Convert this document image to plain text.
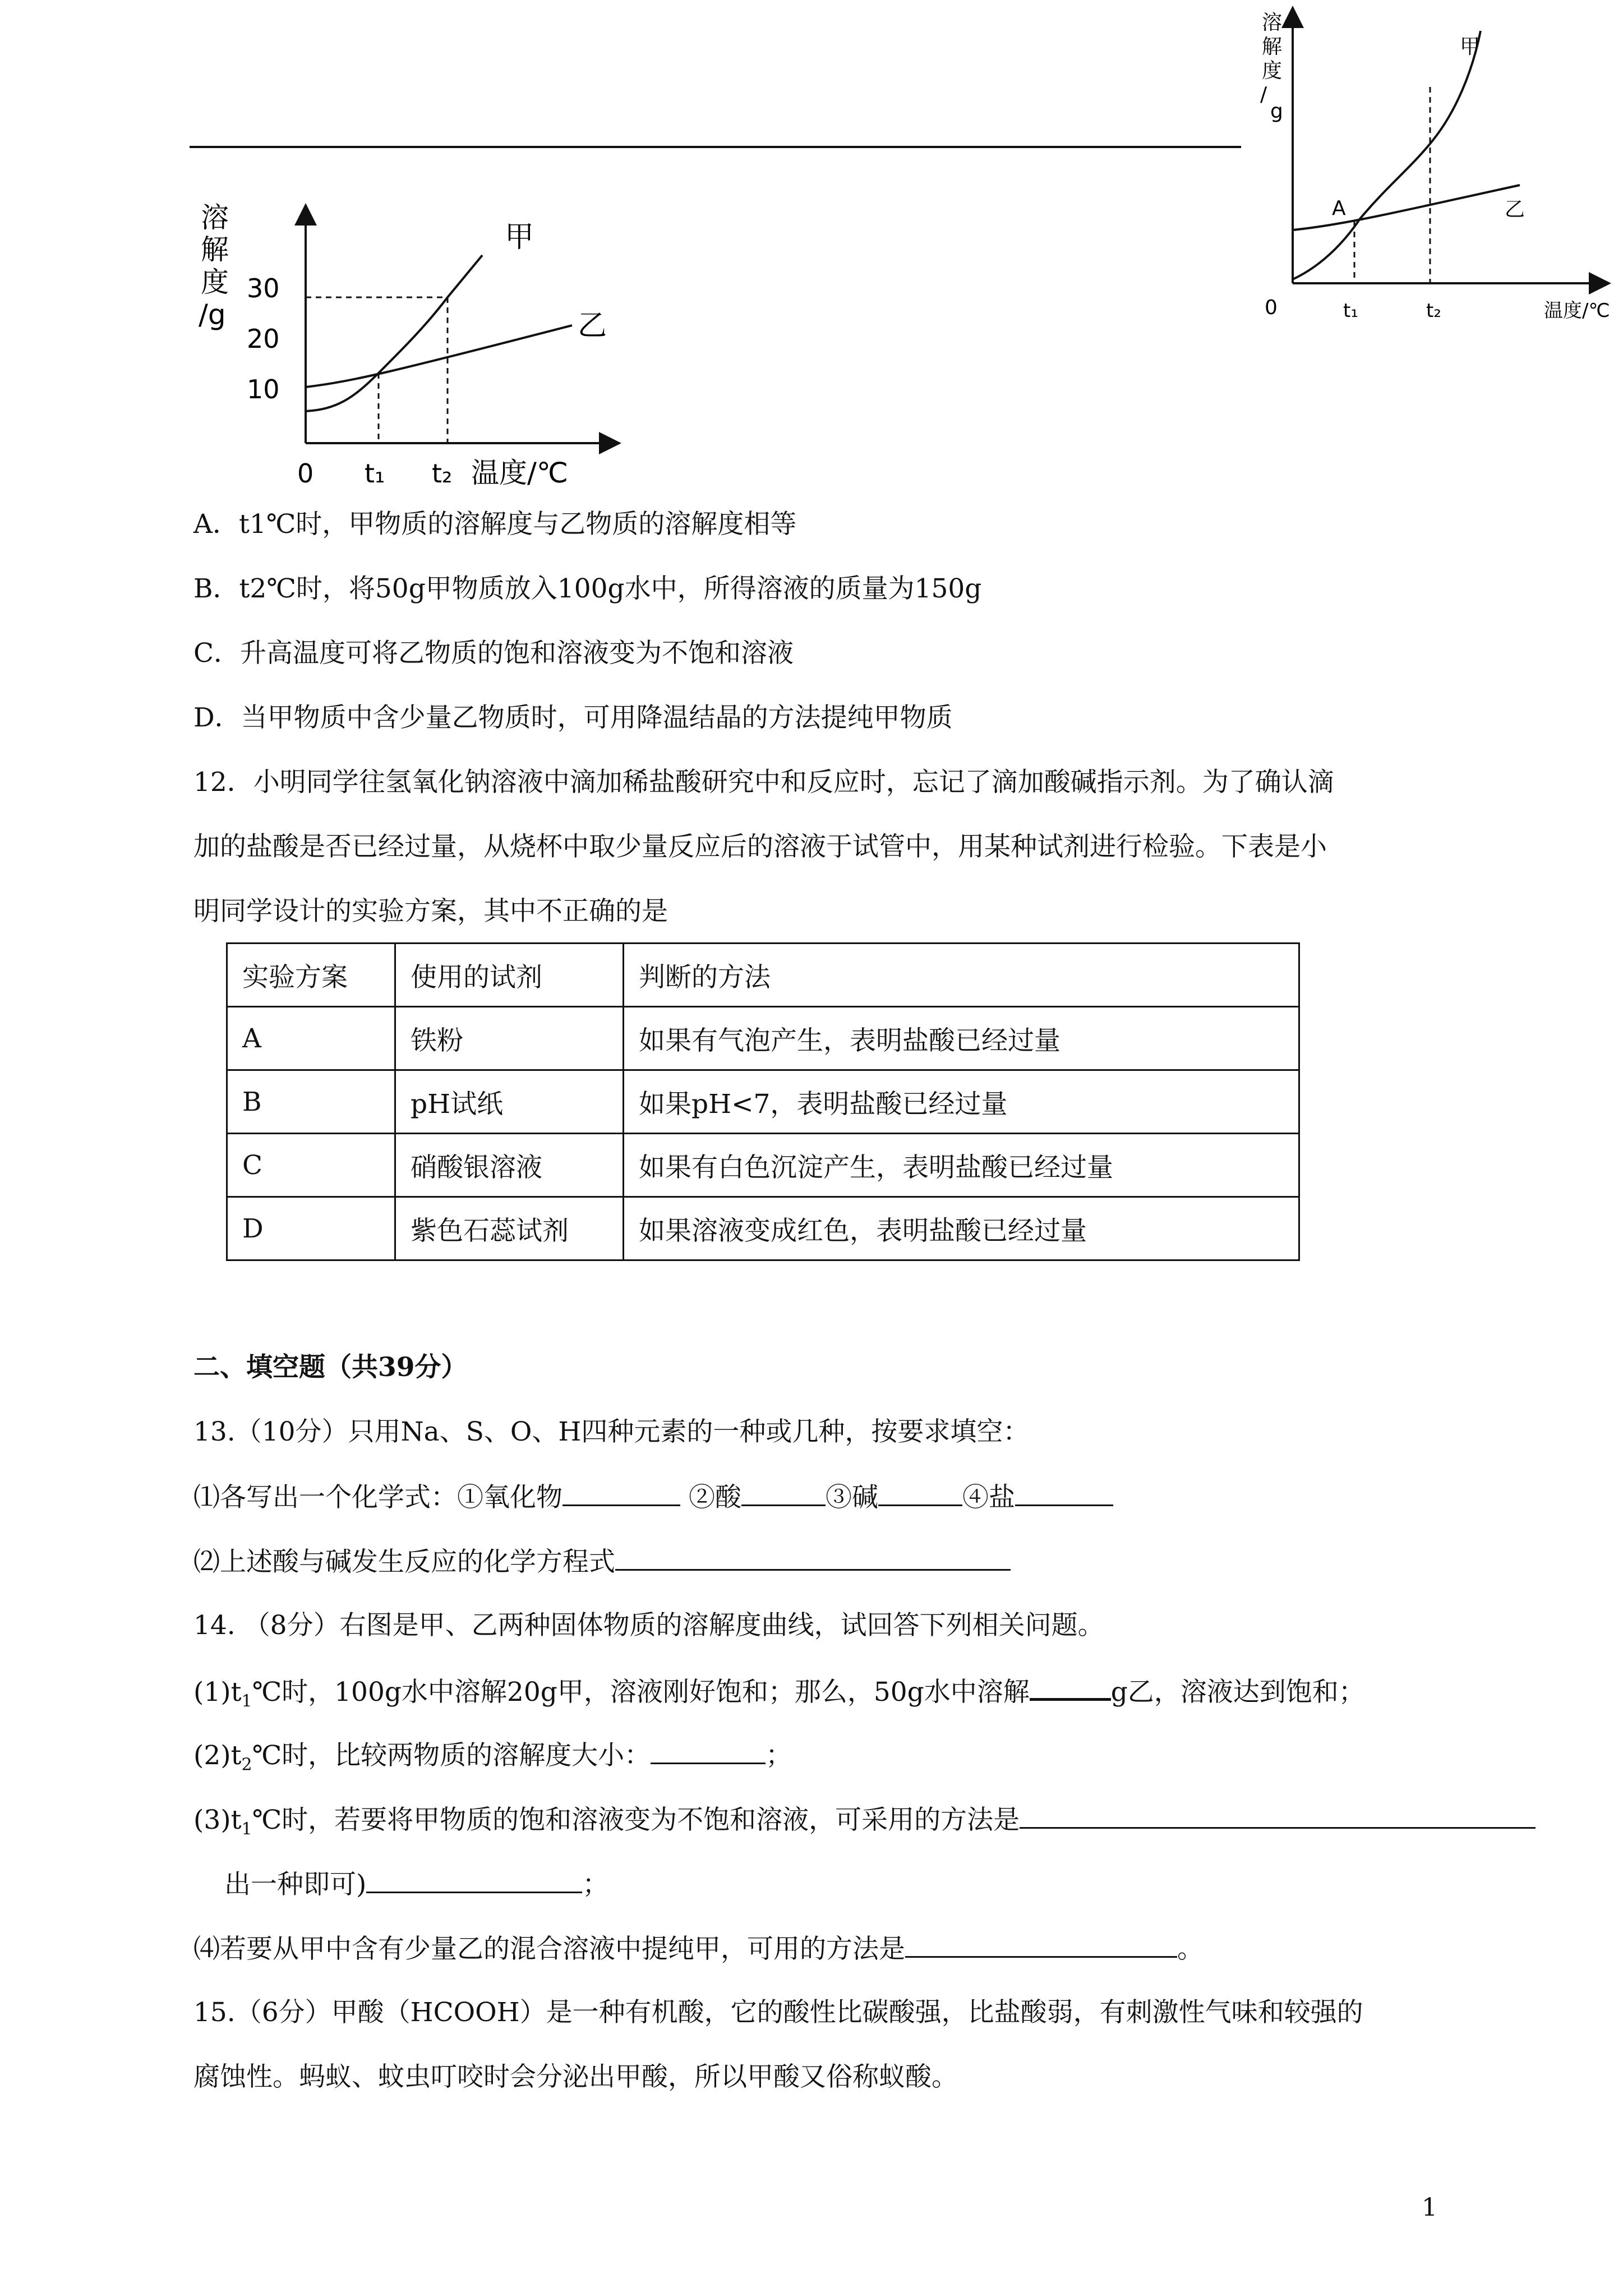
溶
解
度
/
g
0	t₁	t₂	温度/℃
A
甲
乙
溶
解
度
/g
30
20
10
0 t₁ t₂ 温度/℃
甲
乙
A．t1℃时，甲物质的溶解度与乙物质的溶解度相等
B．t2℃时，将50g甲物质放入100g水中，所得溶液的质量为150g
C．升高温度可将乙物质的饱和溶液变为不饱和溶液
D．当甲物质中含少量乙物质时，可用降温结晶的方法提纯甲物质
12．小明同学往氢氧化钠溶液中滴加稀盐酸研究中和反应时，忘记了滴加酸碱指示剂。为了确认滴
加的盐酸是否已经过量，从烧杯中取少量反应后的溶液于试管中，用某种试剂进行检验。下表是小
明同学设计的实验方案，其中不正确的是
实验方案	使用的试剂	判断的方法
A	铁粉	如果有气泡产生，表明盐酸已经过量
B	pH试纸	如果pH<7，表明盐酸已经过量
C	硝酸银溶液	如果有白色沉淀产生，表明盐酸已经过量
D	紫色石蕊试剂	如果溶液变成红色，表明盐酸已经过量
二、填空题（共39分）
13.（10分）只用Na、S、O、H四种元素的一种或几种，按要求填空：
⑴各写出一个化学式：①氧化物	②酸	③碱	④盐
⑵上述酸与碱发生反应的化学方程式
14. （8分）右图是甲、乙两种固体物质的溶解度曲线，试回答下列相关问题。
$(1)t_1℃$时，100g水中溶解20g甲，溶液刚好饱和；那么，50g水中溶解	g乙，溶液达到饱和；
$(2)t_2℃$时，比较两物质的溶解度大小：	；
$(3)t_1℃$时，若要将甲物质的饱和溶液变为不饱和溶液，可采用的方法是
出一种即可)	；
⑷若要从甲中含有少量乙的混合溶液中提纯甲，可用的方法是	。
15.（6分）甲酸（HCOOH）是一种有机酸，它的酸性比碳酸强，比盐酸弱，有刺激性气味和较强的
腐蚀性。蚂蚁、蚊虫叮咬时会分泌出甲酸，所以甲酸又俗称蚁酸。
1
